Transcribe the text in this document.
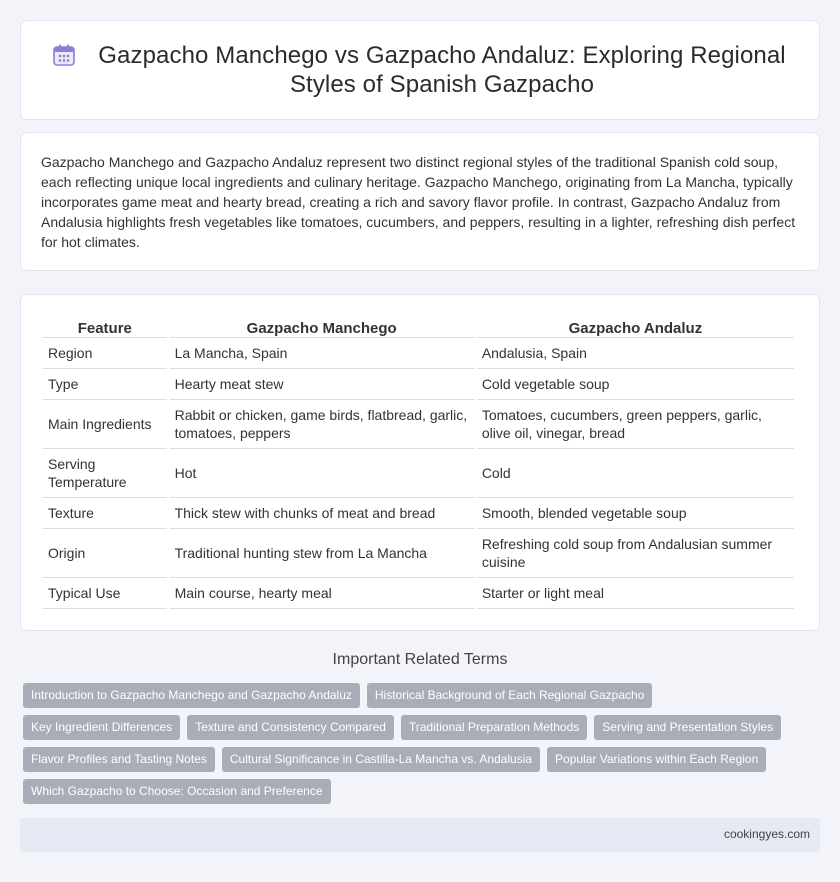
Gazpacho Manchego vs Gazpacho Andaluz: Exploring Regional Styles of Spanish Gazpacho

Gazpacho Manchego and Gazpacho Andaluz represent two distinct regional styles of the traditional Spanish cold soup, each reflecting unique local ingredients and culinary heritage. Gazpacho Manchego, originating from La Mancha, typically incorporates game meat and hearty bread, creating a rich and savory flavor profile. In contrast, Gazpacho Andaluz from Andalusia highlights fresh vegetables like tomatoes, cucumbers, and peppers, resulting in a lighter, refreshing dish perfect for hot climates.

Feature	Gazpacho Manchego	Gazpacho Andaluz
Region	La Mancha, Spain	Andalusia, Spain
Type	Hearty meat stew	Cold vegetable soup
Main Ingredients	Rabbit or chicken, game birds, flatbread, garlic, tomatoes, peppers	Tomatoes, cucumbers, green peppers, garlic, olive oil, vinegar, bread
Serving Temperature	Hot	Cold
Texture	Thick stew with chunks of meat and bread	Smooth, blended vegetable soup
Origin	Traditional hunting stew from La Mancha	Refreshing cold soup from Andalusian summer cuisine
Typical Use	Main course, hearty meal	Starter or light meal
Important Related Terms
Introduction to Gazpacho Manchego and Gazpacho Andaluz	Historical Background of Each Regional Gazpacho
Key Ingredient Differences	Texture and Consistency Compared	Traditional Preparation Methods	Serving and Presentation Styles
Flavor Profiles and Tasting Notes	Cultural Significance in Castilla-La Mancha vs. Andalusia	Popular Variations within Each Region
Which Gazpacho to Choose: Occasion and Preference
cookingyes.com
